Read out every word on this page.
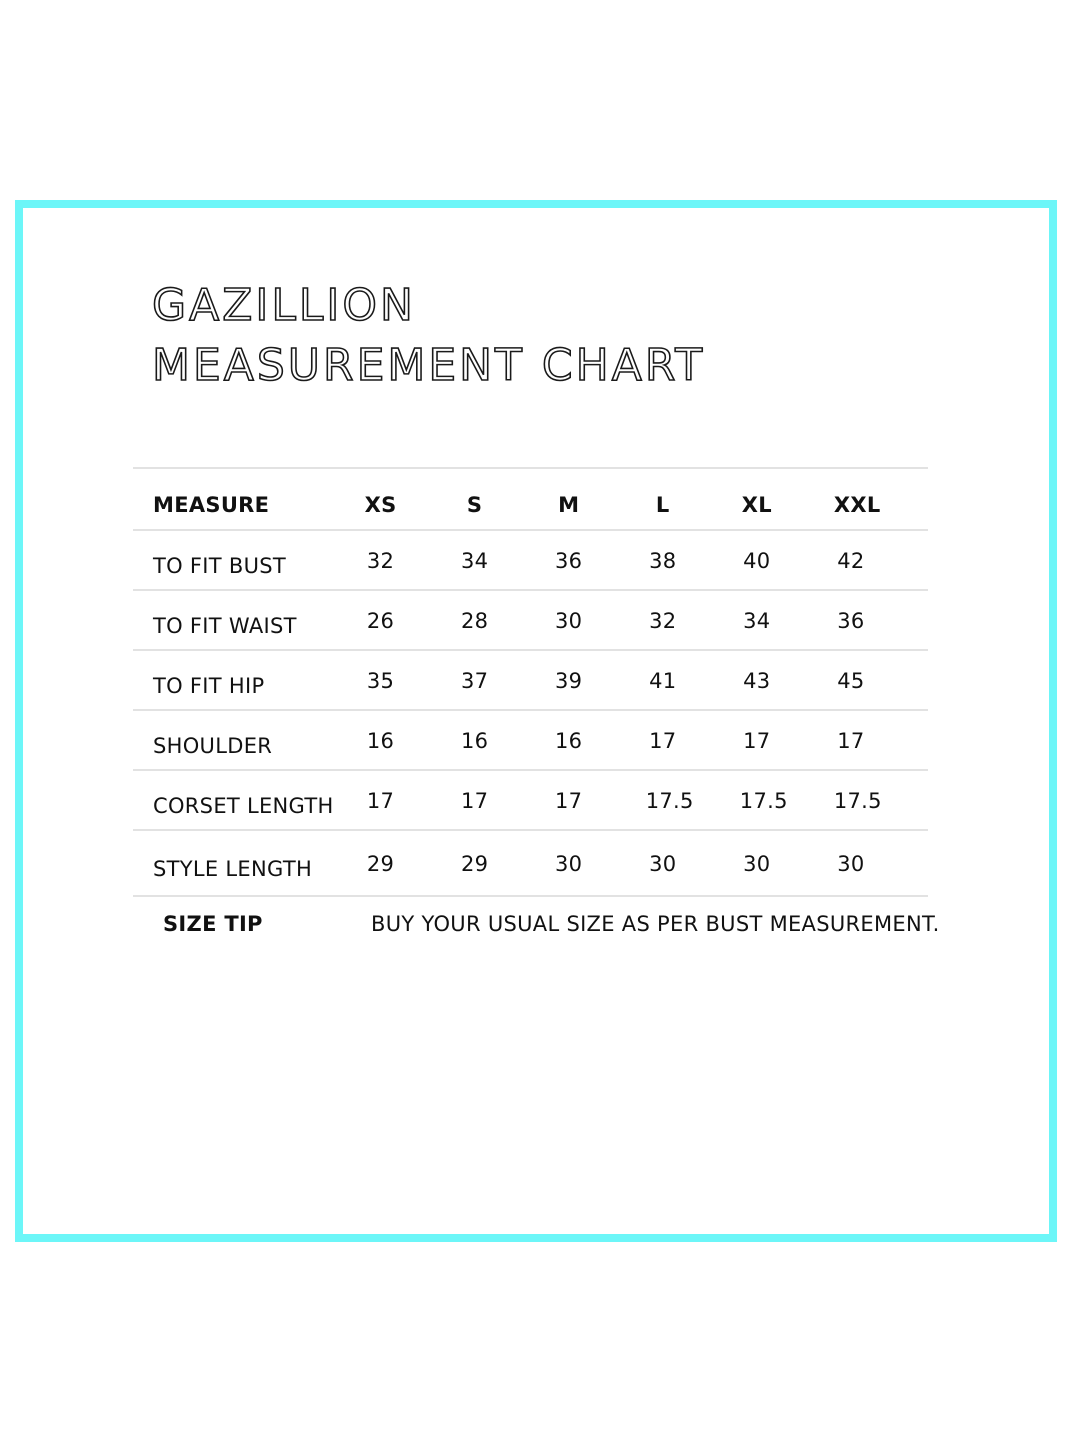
GAZILLION
MEASUREMENT CHART
MEASURE	XS	S	M	L	XL	XXL
TO FIT BUST	32	34	36	38	40	42
TO FIT WAIST	26	28	30	32	34	36
TO FIT HIP	35	37	39	41	43	45
SHOULDER	16	16	16	17	17	17
CORSET LENGTH	17	17	17	17.5	17.5	17.5
STYLE LENGTH	29	29	30	30	30	30
SIZE TIP	BUY YOUR USUAL SIZE AS PER BUST MEASUREMENT.
